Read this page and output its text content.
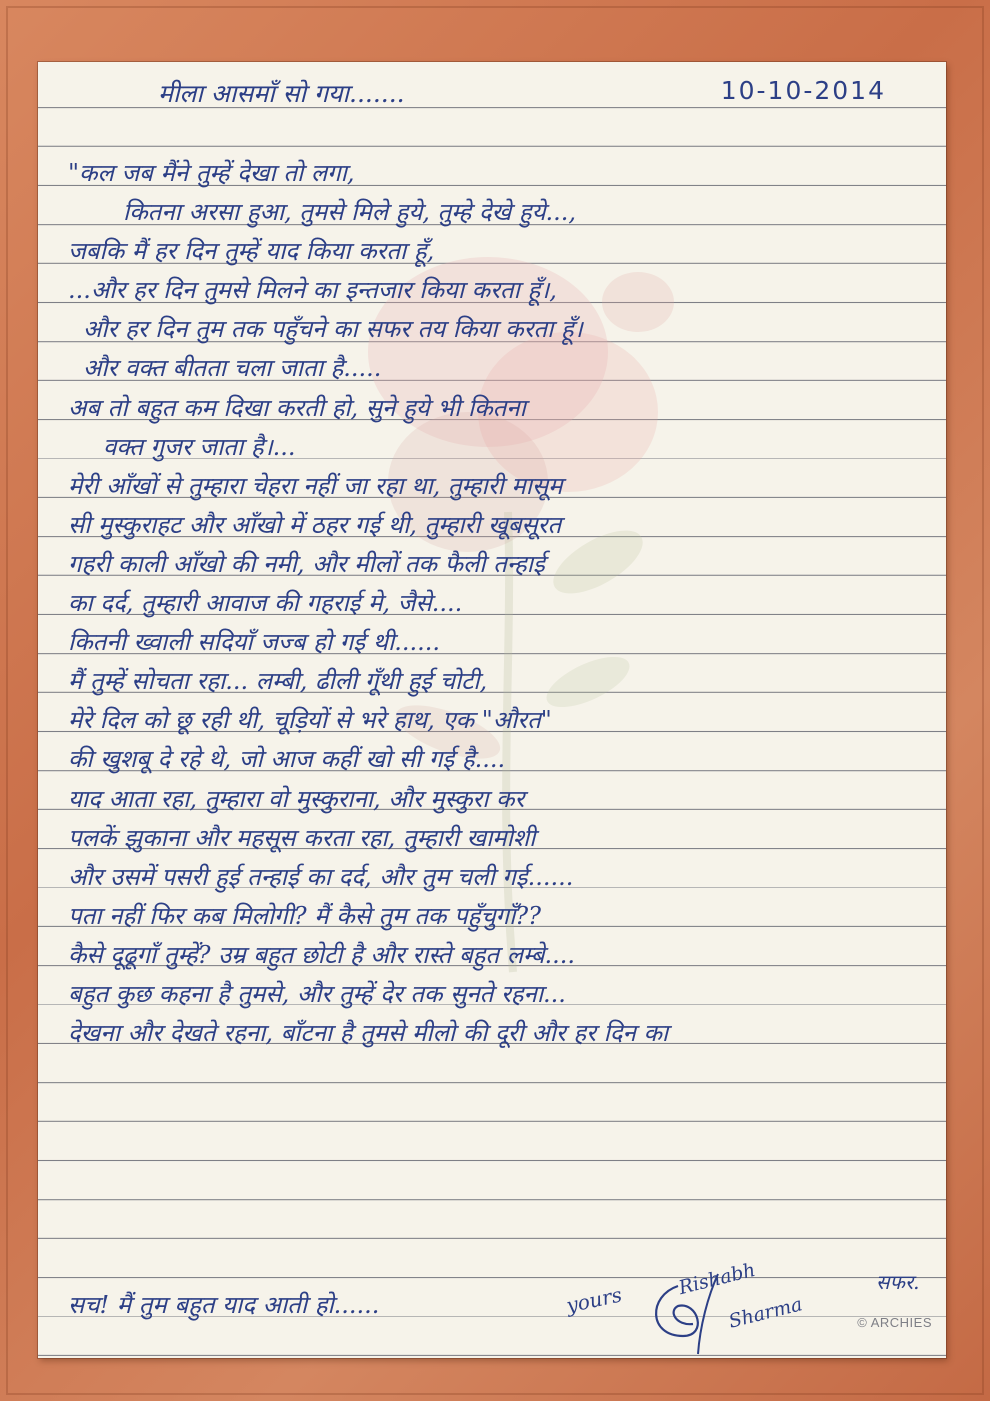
मीला आसमाँ सो गया.......	10-10-2014
"कल जब मैंने तुम्हें देखा तो लगा,
कितना अरसा हुआ, तुमसे मिले हुये, तुम्हे देखे हुये...,
जबकि मैं हर दिन तुम्हें याद किया करता हूँ,
...और हर दिन तुमसे मिलने का इन्तजार किया करता हूँ।,
और हर दिन तुम तक पहुँचने का सफर तय किया करता हूँ।
और वक्त बीतता चला जाता है.....
अब तो बहुत कम दिखा करती हो, सुने हुये भी कितना
वक्त गुजर जाता है।...
मेरी आँखों से तुम्हारा चेहरा नहीं जा रहा था, तुम्हारी मासूम
सी मुस्कुराहट और आँखो में ठहर गई थी, तुम्हारी खूबसूरत
गहरी काली आँखो की नमी, और मीलों तक फैली तन्हाई
का दर्द, तुम्हारी आवाज की गहराई मे, जैसे....
कितनी ख्वाली सदियाँ जज्ब हो गई थी......
मैं तुम्हें सोचता रहा... लम्बी, ढीली गूँथी हुई चोटी,
मेरे दिल को छू रही थी, चूड़ियों से भरे हाथ, एक "औरत"
की खुशबू दे रहे थे, जो आज कहीं खो सी गई है....
याद आता रहा, तुम्हारा वो मुस्कुराना, और मुस्कुरा कर
पलकें झुकाना और महसूस करता रहा, तुम्हारी खामोशी
और उसमें पसरी हुई तन्हाई का दर्द, और तुम चली गई......
पता नहीं फिर कब मिलोगी? मैं कैसे तुम तक पहुँचुगाँ??
कैसे दूढूगाँ तुम्हें? उम्र बहुत छोटी है और रास्ते बहुत लम्बे....
बहुत कुछ कहना है तुमसे, और तुम्हें देर तक सुनते रहना...
देखना और देखते रहना, बाँटना है तुमसे मीलो की दूरी और हर दिन का
सच! मैं तुम बहुत याद आती हो......	yours
Rishabh
Sharma
सफर.
© ARCHIES
